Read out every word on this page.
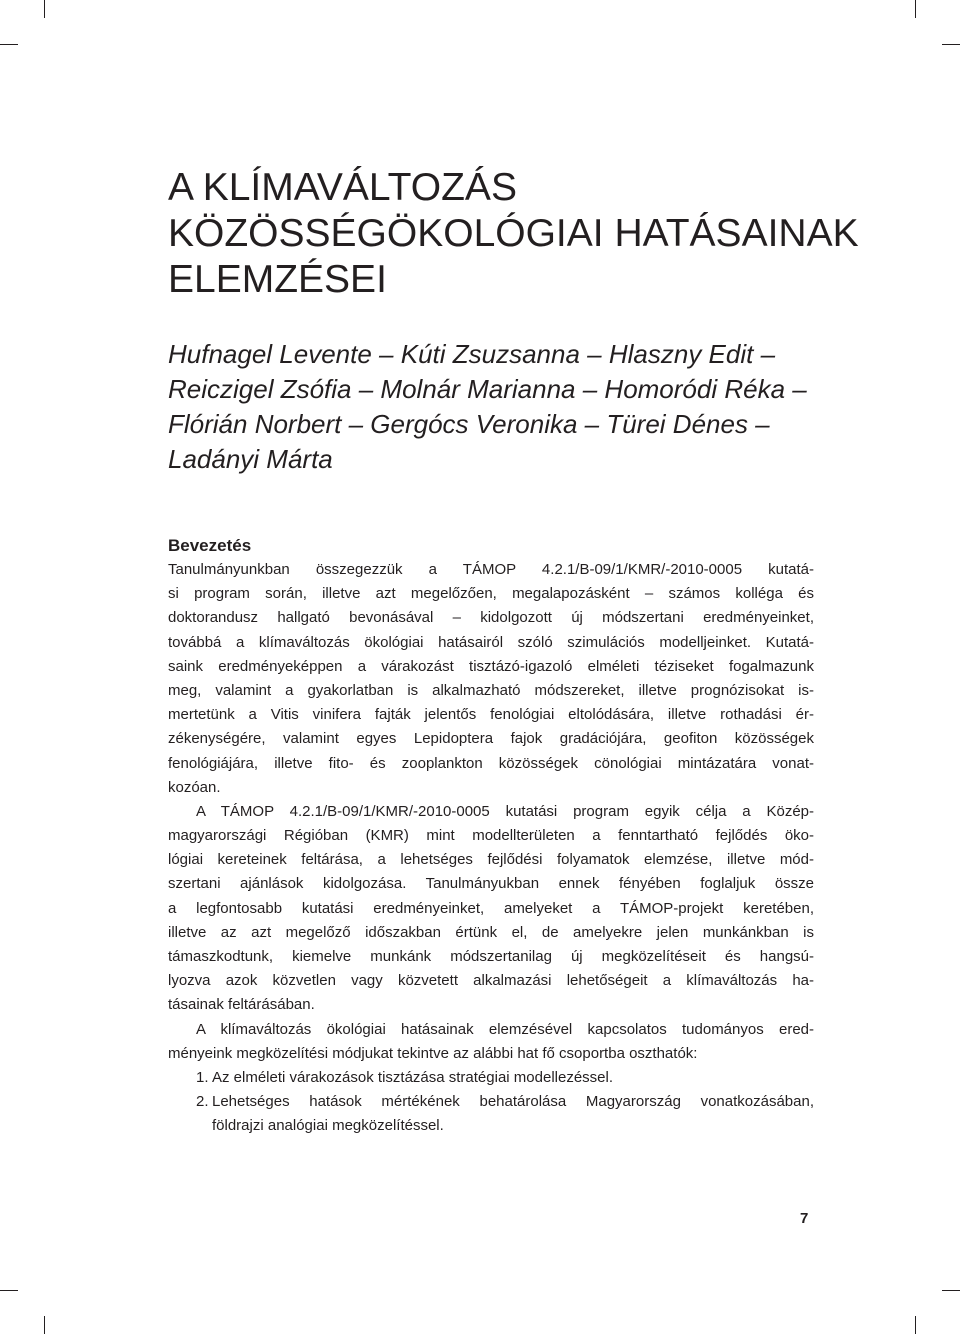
A KLÍMAVÁLTOZÁS
KÖZÖSSÉGÖKOLÓGIAI HATÁSAINAK
ELEMZÉSEI
Hufnagel Levente – Kúti Zsuzsanna – Hlaszny Edit –
Reiczigel Zsófia – Molnár Marianna – Homoródi Réka –
Flórián Norbert – Gergócs Veronika – Türei Dénes –
Ladányi Márta
Bevezetés
Tanulmányunkban összegezzük a TÁMOP 4.2.1/B-09/1/KMR/-2010-0005 kutatá-
si program során, illetve azt megelőzően, megalapozásként – számos kolléga és
doktorandusz hallgató bevonásával – kidolgozott új módszertani eredményeinket,
továbbá a klímaváltozás ökológiai hatásairól szóló szimulációs modelljeinket. Kutatá-
saink eredményeképpen a várakozást tisztázó-igazoló elméleti téziseket fogalmazunk
meg, valamint a gyakorlatban is alkalmazható módszereket, illetve prognózisokat is-
mertetünk a Vitis vinifera fajták jelentős fenológiai eltolódására, illetve rothadási ér-
zékenységére, valamint egyes Lepidoptera fajok gradációjára, geofiton közösségek
fenológiájára, illetve fito- és zooplankton közösségek cönológiai mintázatára vonat-
kozóan.
A TÁMOP 4.2.1/B-09/1/KMR/-2010-0005 kutatási program egyik célja a Közép-
magyarországi Régióban (KMR) mint modellterületen a fenntartható fejlődés öko-
lógiai kereteinek feltárása, a lehetséges fejlődési folyamatok elemzése, illetve mód-
szertani ajánlások kidolgozása. Tanulmányukban ennek fényében foglaljuk össze
a legfontosabb kutatási eredményeinket, amelyeket a TÁMOP-projekt keretében,
illetve az azt megelőző időszakban értünk el, de amelyekre jelen munkánkban is
támaszkodtunk, kiemelve munkánk módszertanilag új megközelítéseit és hangsú-
lyozva azok közvetlen vagy közvetett alkalmazási lehetőségeit a klímaváltozás ha-
tásainak feltárásában.
A klímaváltozás ökológiai hatásainak elemzésével kapcsolatos tudományos ered-
ményeink megközelítési módjukat tekintve az alábbi hat fő csoportba oszthatók:
1. Az elméleti várakozások tisztázása stratégiai modellezéssel.
2. Lehetséges hatások mértékének behatárolása Magyarország vonatkozásában,
földrajzi analógiai megközelítéssel.
7
